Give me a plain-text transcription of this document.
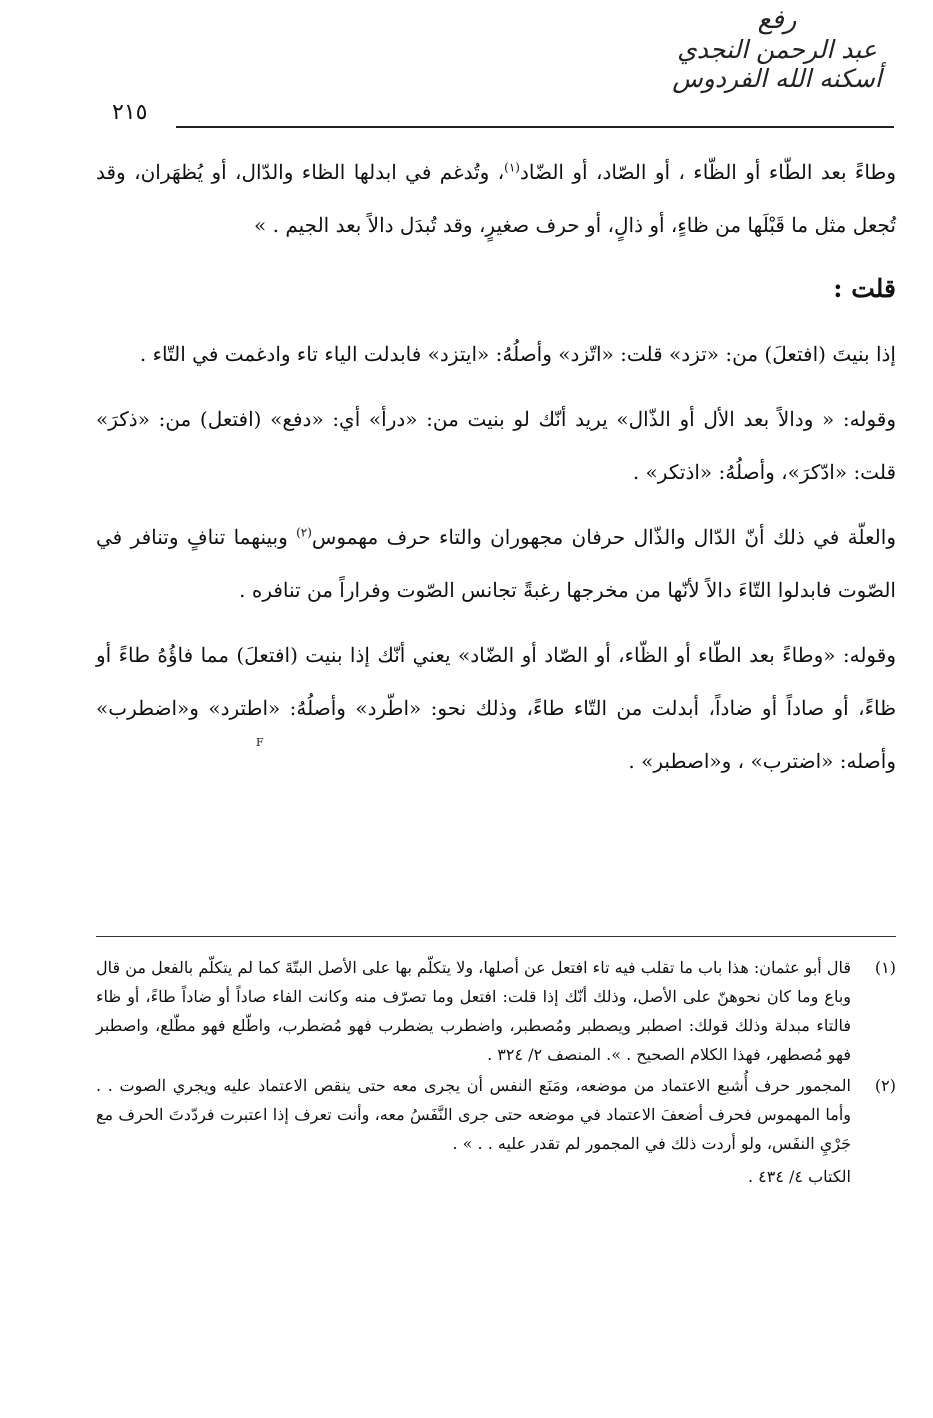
رفع
عبد الرحمن النجدي
أسكنه الله الفردوس
٢١٥

وطاءً بعد الطّاء أو الظّاء ، أو الصّاد، أو الضّاد$^{(١)}$، وتُدغم في ابدلها الظاء والدّال، أو يُظهَران، وقد تُجعل مثل ما قَبْلَها من ظاءٍ، أو ذالٍ، أو حرف صغيرٍ، وقد تُبدَل دالاً بعد الجيم . »

قلت :

إذا بنيتَ (افتعلَ) من: «تزد» قلت: «اتّزد» وأصلُهُ: «ايتزد» فابدلت الياء تاء وادغمت في التّاء .

وقوله: « ودالاً بعد الأل أو الذّال» يريد أنّك لو بنيت من: «درأ» أي: «دفع» (افتعل) من: «ذكرَ» قلت: «ادّكرَ»، وأصلُهُ: «اذتكر» .

والعلّة في ذلك أنّ الدّال والذّال حرفان مجهوران والتاء حرف مهموس$^{(٢)}$ وبينهما تنافٍ وتنافر في الصّوت فابدلوا التّاءَ دالاً لأنّها من مخرجها رغبةً تجانس الصّوت وفراراً من تنافره .

وقوله: «وطاءً بعد الطّاء أو الظّاء، أو الصّاد أو الضّاد» يعني أنّك إذا بنيت (افتعلَ) مما فاؤُهُ طاءً أو ظاءً، أو صاداً أو ضاداً، أبدلت من التّاء طاءً، وذلك نحو: «اطّرد» وأصلُهُ: «اطترد» و«اضطرب» وأصله: «اضترب» ، و«اصطبر» .

F
(١)

قال أبو عثمان: هذا باب ما تقلب فيه تاء افتعل عن أصلها، ولا يتكلّم بها على الأصل البتّةَ كما لم يتكلّم بالفعل من قال وباع وما كان نحوهنّ على الأصل، وذلك أنّك إذا قلت: افتعل وما تصرّف منه وكانت الفاء صاداً أو ضاداً طاءً، أو ظاء فالتاء مبدلة وذلك قولك: اصطبر ويصطبر ومُصطبر، واضطرب يضطرب فهو مُضطرب، واطّلع فهو مطّلع، واصطبر فهو مُصطهر، فهذا الكلام الصحيح . ». المنصف ٢/ ٣٢٤ .

(٢)

المجمور حرف أُشبع الاعتماد من موضعه، ومَنَع النفس أن يجرى معه حتى ينقص الاعتماد عليه ويجري الصوت . . وأما المهموس فحرف أضعفَ الاعتماد في موضعه حتى جرى النَّفَسُ معه، وأنت تعرف إذا اعتبرت فردّدتَ الحرف مع جَرْيِ النفَس، ولو أردت ذلك في المجمور لم تقدر عليه . . » .

الكتاب ٤/ ٤٣٤ .
